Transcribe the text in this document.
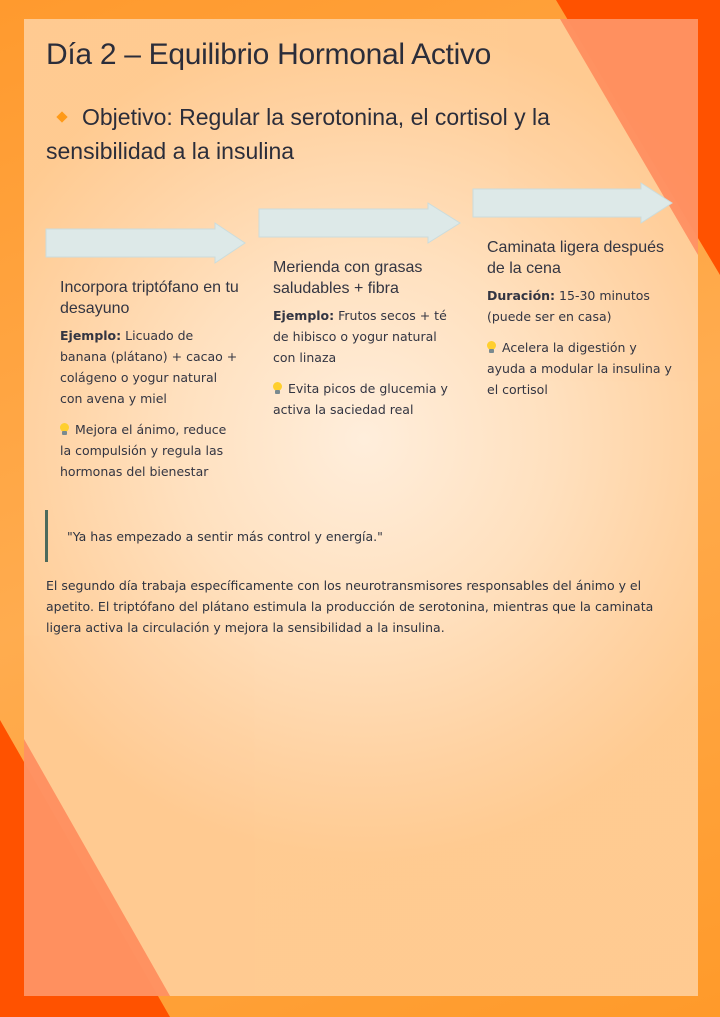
Día 2 – Equilibrio Hormonal Activo
Objetivo: Regular la serotonina, el cortisol y la sensibilidad a la insulina
Incorpora triptófano en tu desayuno
Ejemplo: Licuado de banana (plátano) + cacao + colágeno o yogur natural con avena y miel
Mejora el ánimo, reduce la compulsión y regula las hormonas del bienestar
Merienda con grasas saludables + fibra
Ejemplo: Frutos secos + té de hibisco o yogur natural con linaza
Evita picos de glucemia y activa la saciedad real
Caminata ligera después de la cena
Duración: 15-30 minutos (puede ser en casa)
Acelera la digestión y ayuda a modular la insulina y el cortisol
"Ya has empezado a sentir más control y energía."

El segundo día trabaja específicamente con los neurotransmisores responsables del ánimo y el apetito. El triptófano del plátano estimula la producción de serotonina, mientras que la caminata ligera activa la circulación y mejora la sensibilidad a la insulina.
